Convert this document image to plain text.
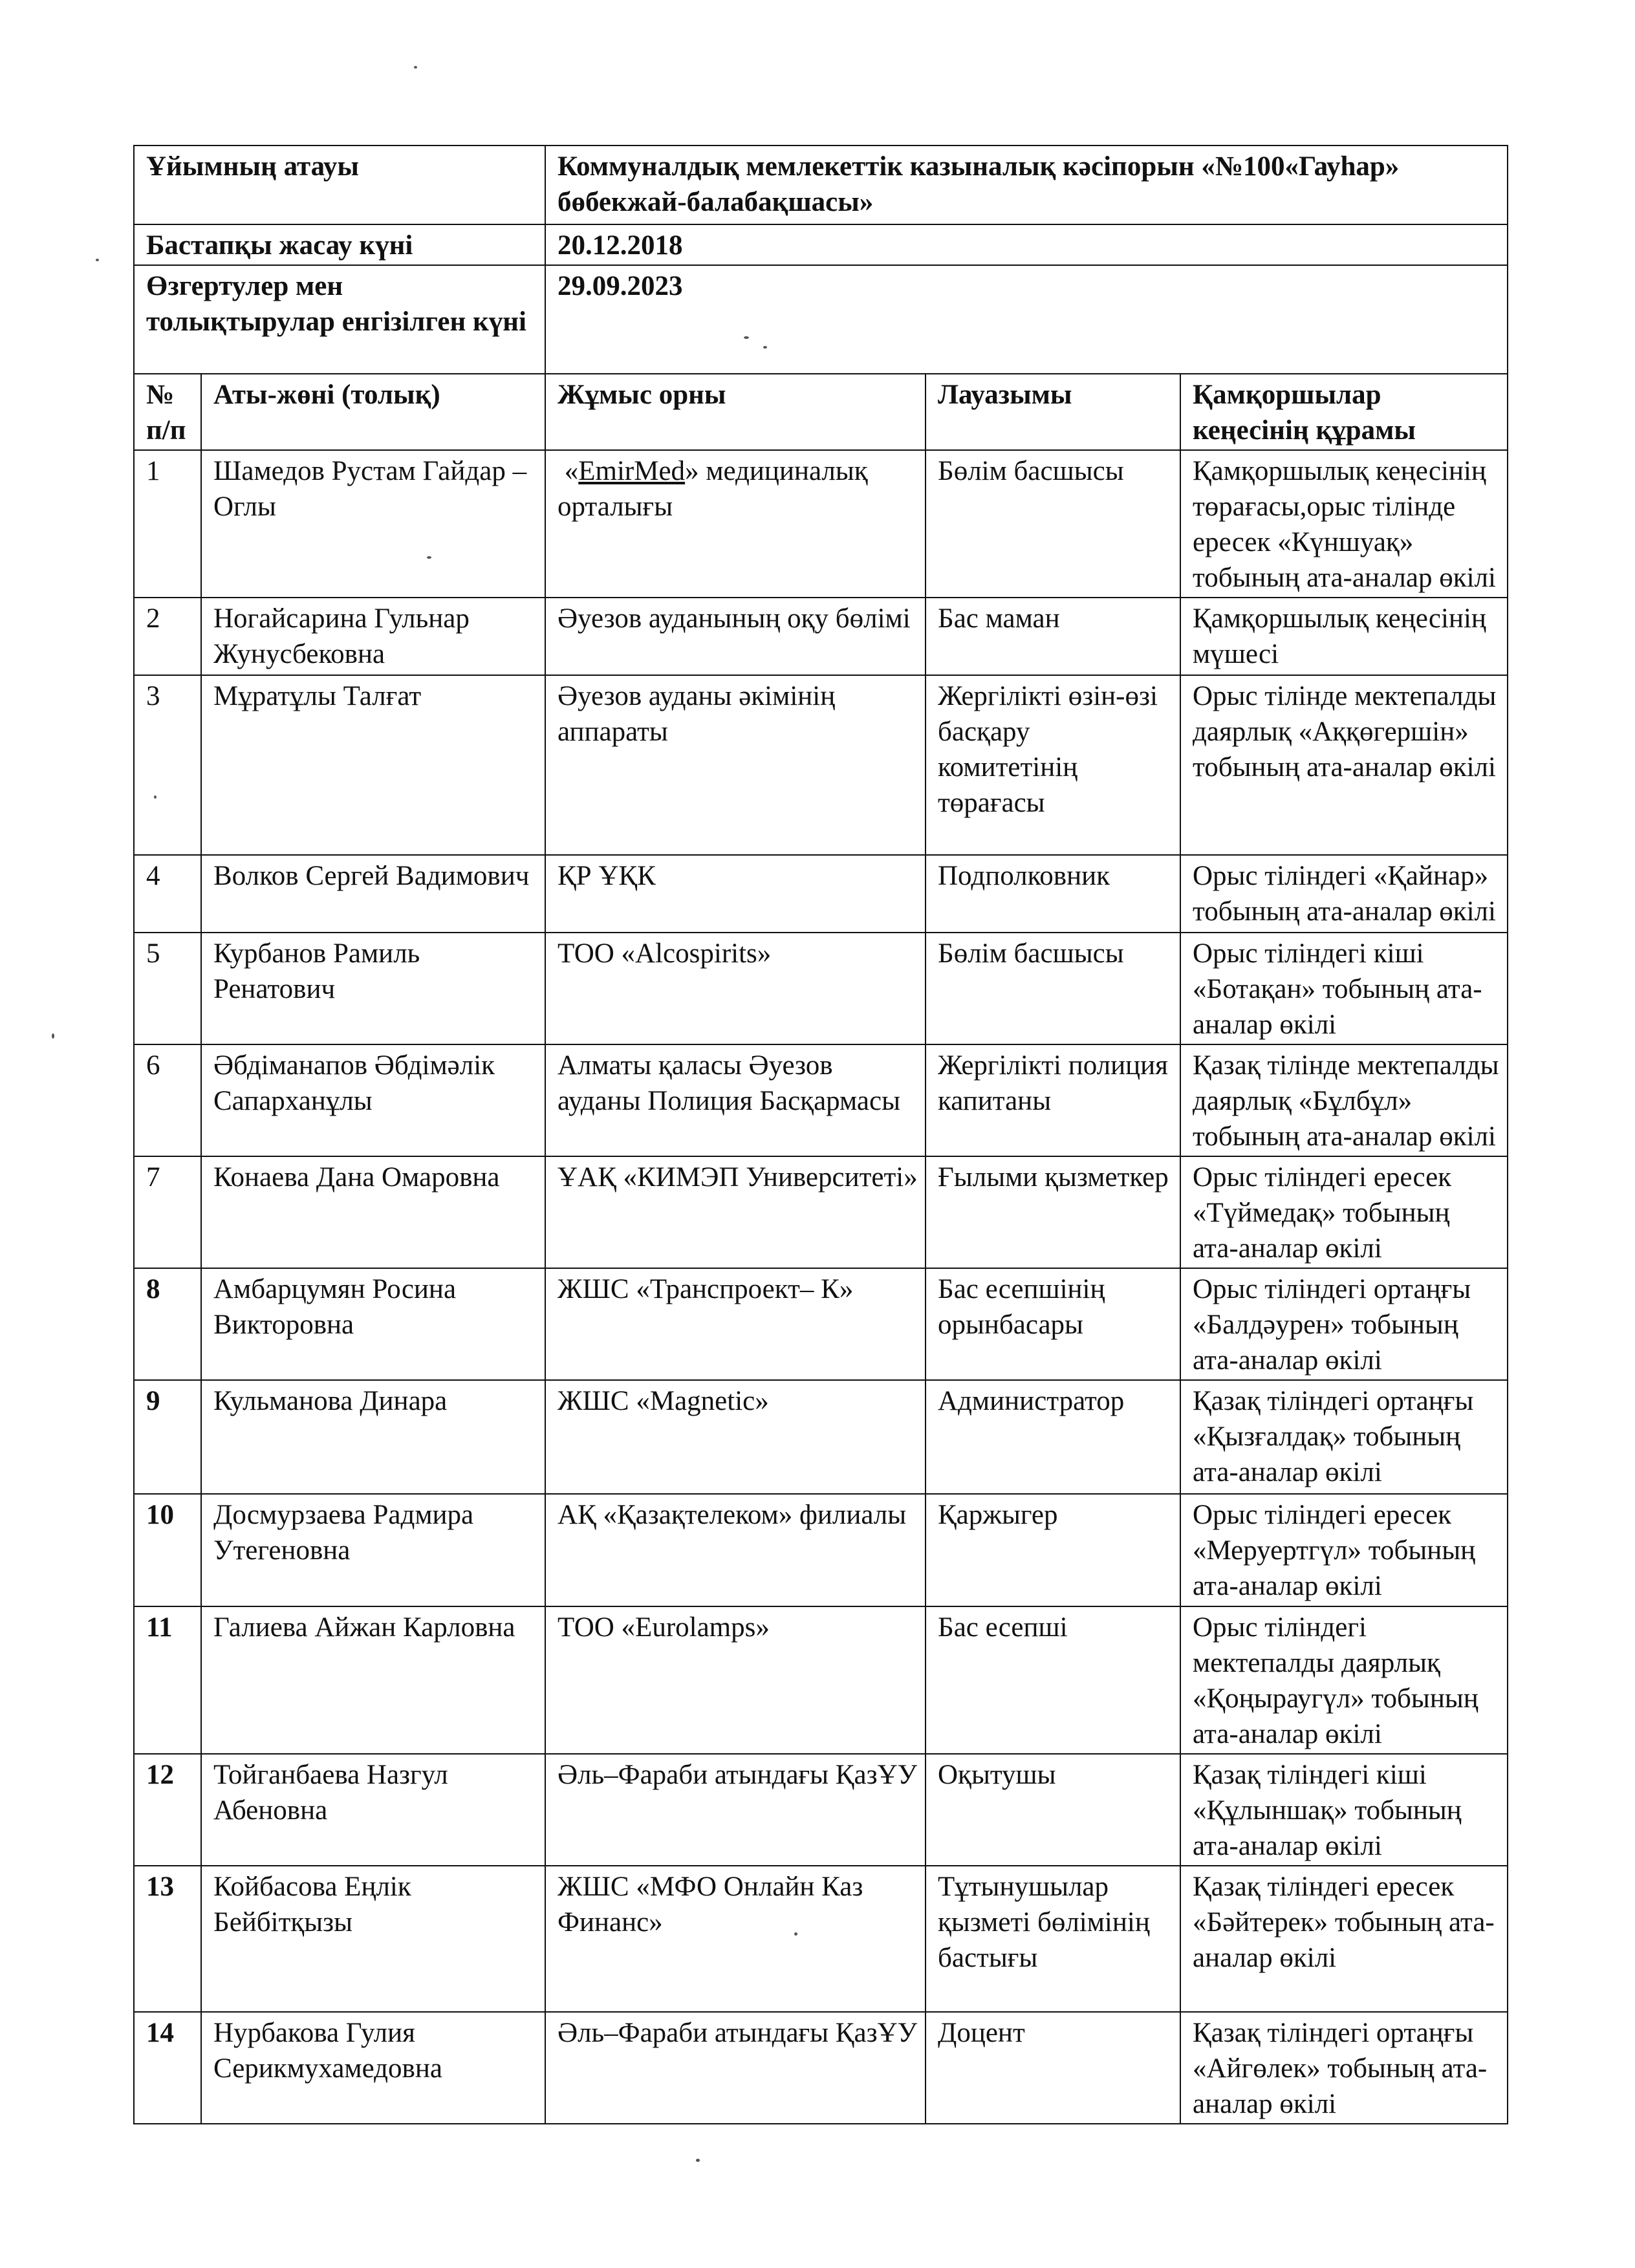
Ұйымның атауы		Коммуналдық мемлекеттік казыналық кәсіпорын «№100«Гауһар» бөбекжай-балабақшасы»		
Бастапқы жасау күні		20.12.2018		
Өзгертулер мен толықтырулар енгізілген күні		29.09.2023		
№ п/п	Аты-жөні (толық)	Жұмыс орны	Лауазымы	Қамқоршылар кеңесінің құрамы
1	Шамедов Рустам Гайдар –Оглы	«EmirMed» медициналық орталығы	Бөлім басшысы	Қамқоршылық кеңесінің төрағасы,орыс тілінде ересек «Күншуақ» тобының ата-аналар өкілі
2	Ногайсарина Гульнар Жунусбековна	Әуезов ауданының оқу бөлімі	Бас маман	Қамқоршылық кеңесінің мүшесі
3	Мұратұлы Талғат	Әуезов ауданы әкімінің аппараты	Жергілікті өзін-өзі басқару комитетінің төрағасы	Орыс тілінде мектепалды даярлық «Аққөгершін» тобының ата-аналар өкілі
4	Волков Сергей Вадимович	ҚР ҰҚК	Подполковник	Орыс тіліндегі «Қайнар» тобының ата-аналар өкілі
5	Курбанов Рамиль Ренатович	ТОО «Alcospirits»	Бөлім басшысы	Орыс тіліндегі кіші «Ботақан» тобының ата-аналар өкілі
6	Әбдіманапов Әбдімәлік Сапарханұлы	Алматы қаласы Әуезов ауданы Полиция Басқармасы	Жергілікті полиция капитаны	Қазақ тілінде мектепалды даярлық «Бұлбұл» тобының ата-аналар өкілі
7	Конаева Дана Омаровна	ҰАҚ «КИМЭП Университеті»	Ғылыми қызметкер	Орыс тіліндегі ересек «Түймедақ» тобының ата-аналар өкілі
8	Амбарцумян Росина Викторовна	ЖШС «Транспроект– К»	Бас есепшінің орынбасары	Орыс тіліндегі ортаңғы «Балдәурен» тобының ата-аналар өкілі
9	Кульманова Динара	ЖШС «Magnetic»	Администратор	Қазақ тіліндегі ортаңғы «Қызғалдақ» тобының ата-аналар өкілі
10	Досмурзаева Радмира Утегеновна	АҚ «Қазақтелеком» филиалы	Қаржыгер	Орыс тіліндегі ересек «Меруертгүл» тобының ата-аналар өкілі
11	Галиева Айжан Карловна	ТОО «Eurolamps»	Бас есепші	Орыс тіліндегі мектепалды даярлық «Қоңыраугүл» тобының ата-аналар өкілі
12	Тойганбаева Назгул Абеновна	Әль–Фараби атындағы ҚазҰУ	Оқытушы	Қазақ тіліндегі кіші «Құлыншақ» тобының ата-аналар өкілі
13	Койбасова Еңлік Бейбітқызы	ЖШС «МФО Онлайн Каз Финанс»	Тұтынушылар қызметі бөлімінің бастығы	Қазақ тіліндегі ересек «Бәйтерек» тобының ата-аналар өкілі
14	Нурбакова Гулия Серикмухамедовна	Әль–Фараби атындағы ҚазҰУ	Доцент	Қазақ тіліндегі ортаңғы «Айгөлек» тобының ата-аналар өкілі
